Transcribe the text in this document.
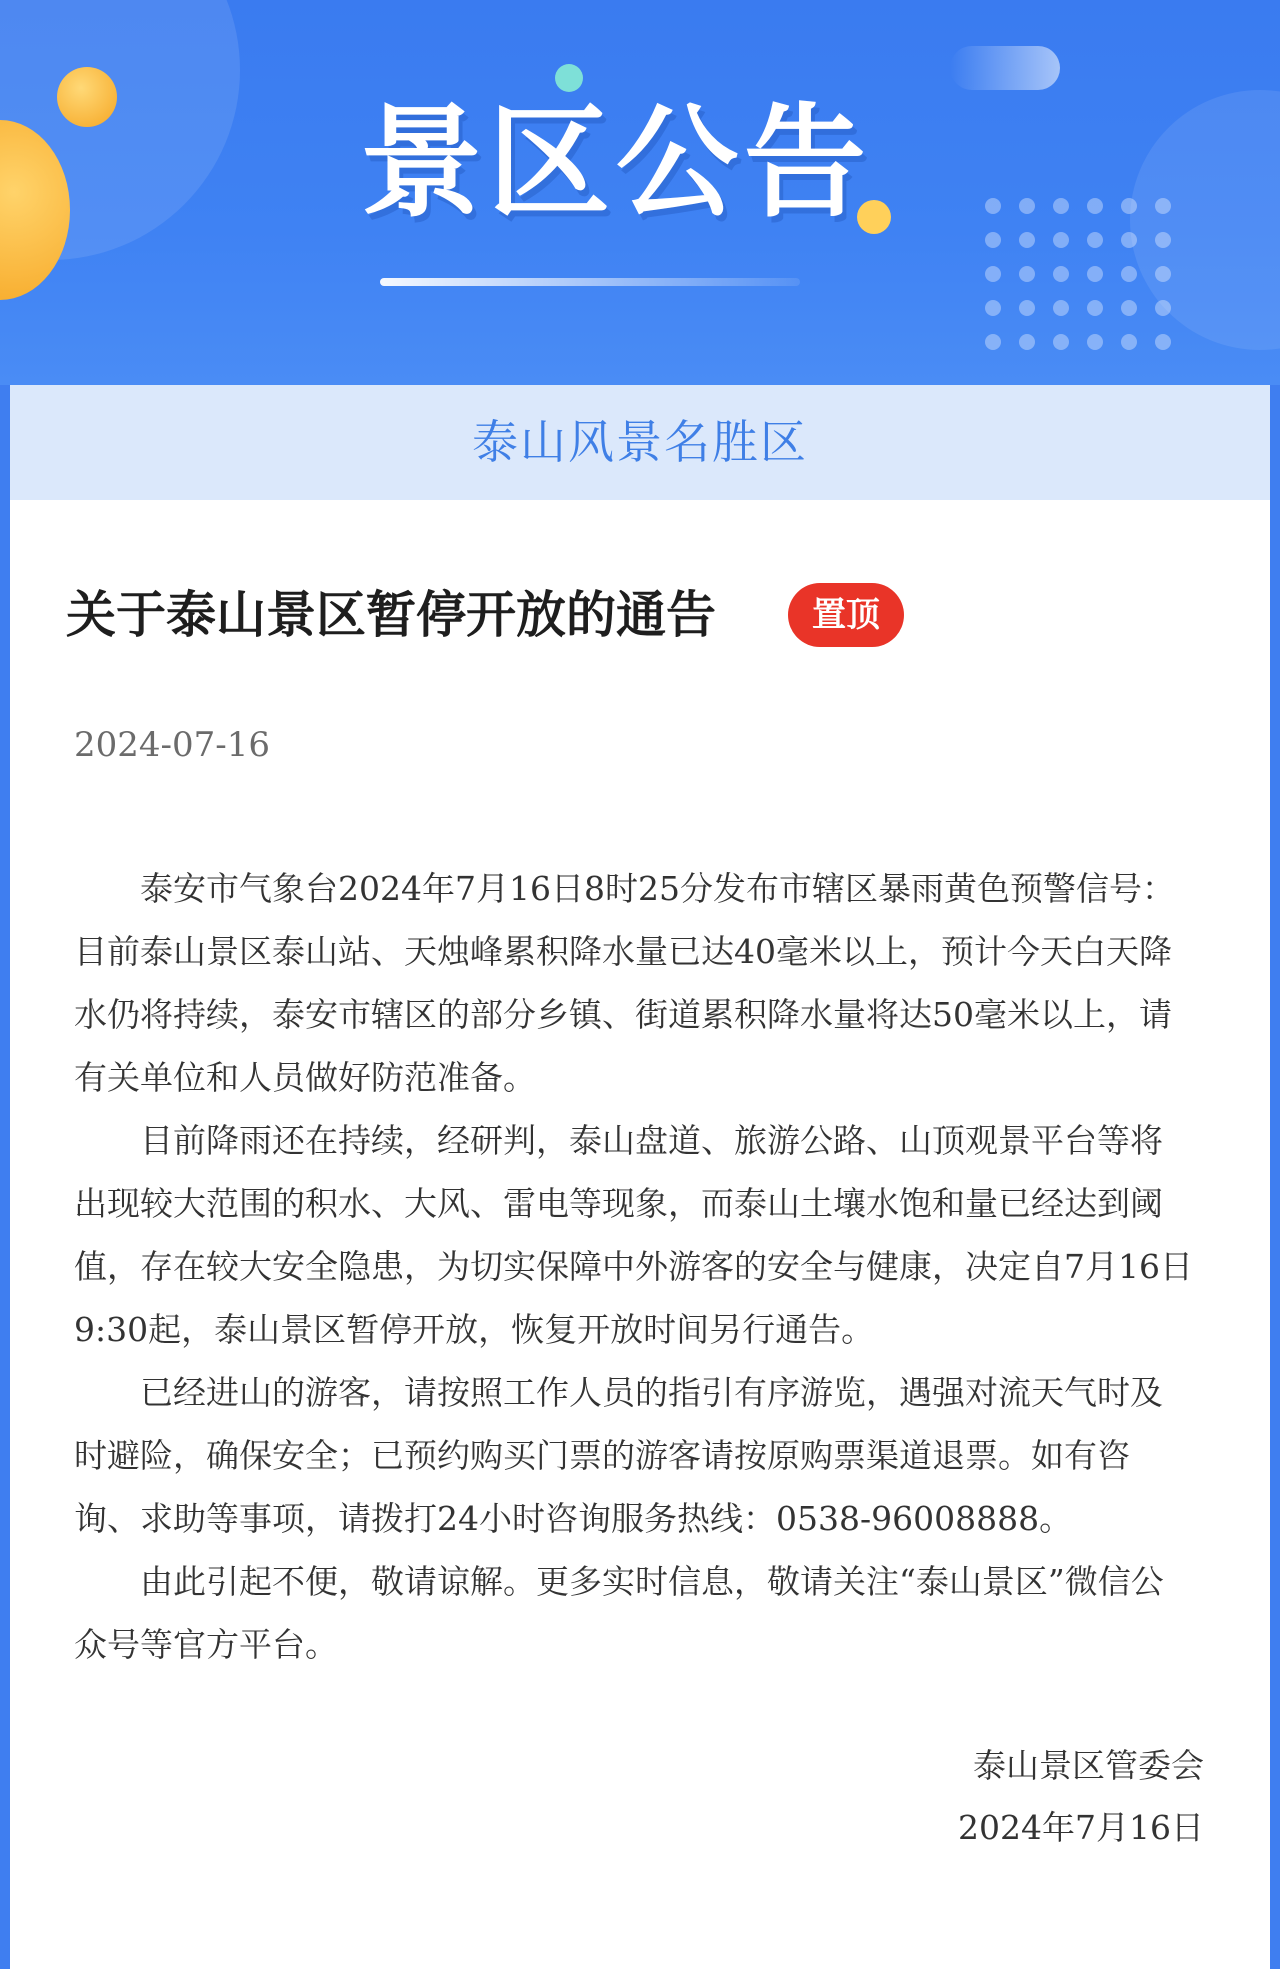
景区公告
泰山风景名胜区
关于泰山景区暂停开放的通告	置顶
2024-07-16

泰安市气象台2024年7月16日8时25分发布市辖区暴雨黄色预警信号：目前泰山景区泰山站、天烛峰累积降水量已达40毫米以上，预计今天白天降水仍将持续，泰安市辖区的部分乡镇、街道累积降水量将达50毫米以上，请有关单位和人员做好防范准备。

目前降雨还在持续，经研判，泰山盘道、旅游公路、山顶观景平台等将出现较大范围的积水、大风、雷电等现象，而泰山土壤水饱和量已经达到阈值，存在较大安全隐患，为切实保障中外游客的安全与健康，决定自7月16日9:30起，泰山景区暂停开放，恢复开放时间另行通告。

已经进山的游客，请按照工作人员的指引有序游览，遇强对流天气时及时避险，确保安全；已预约购买门票的游客请按原购票渠道退票。如有咨询、求助等事项，请拨打24小时咨询服务热线：0538-96008888。

由此引起不便，敬请谅解。更多实时信息，敬请关注“泰山景区”微信公众号等官方平台。

泰山景区管委会
2024年7月16日
